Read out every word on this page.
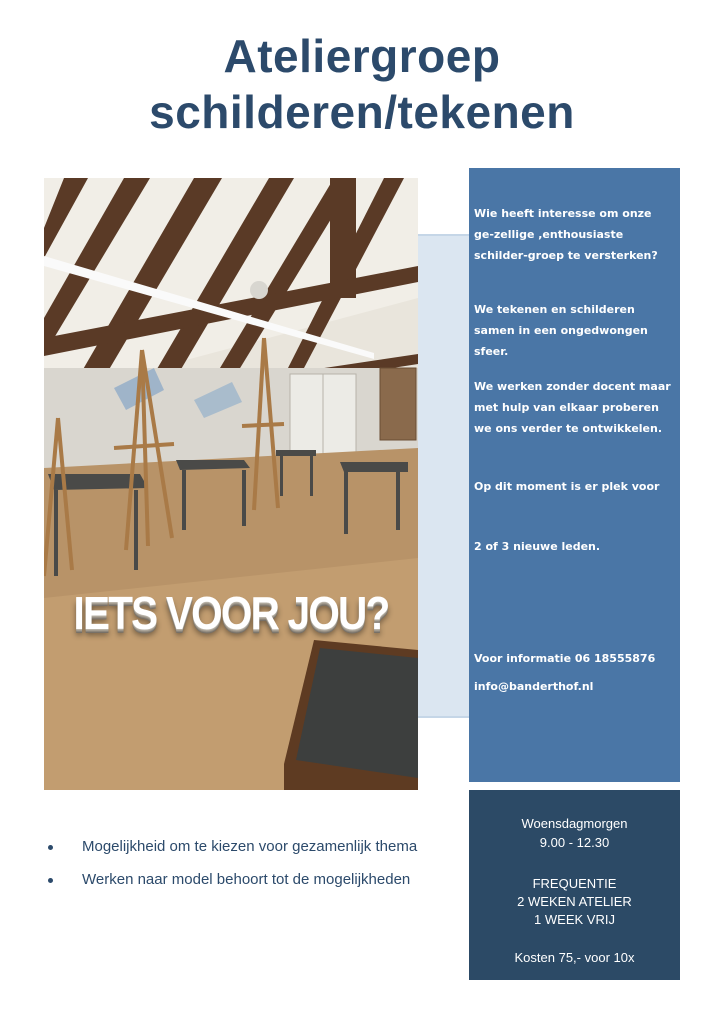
Ateliergroep
schilderen/tekenen
IETS VOOR JOU?

Wie heeft interesse om onze ge-zellige ,enthousiaste schilder-groep te versterken?

We tekenen en schilderen samen in een ongedwongen sfeer.

We werken zonder docent maar met hulp van elkaar proberen we ons verder te ontwikkelen.

Op dit moment is er plek voor

2 of 3 nieuwe leden.

Voor informatie 06 18555876

info@banderthof.nl

Woensdagmorgen
9.00 - 12.30
FREQUENTIE
2 WEKEN ATELIER
1 WEEK VRIJ
Kosten 75,- voor 10x
Mogelijkheid om te kiezen voor gezamenlijk thema
Werken naar model behoort tot de mogelijkheden
